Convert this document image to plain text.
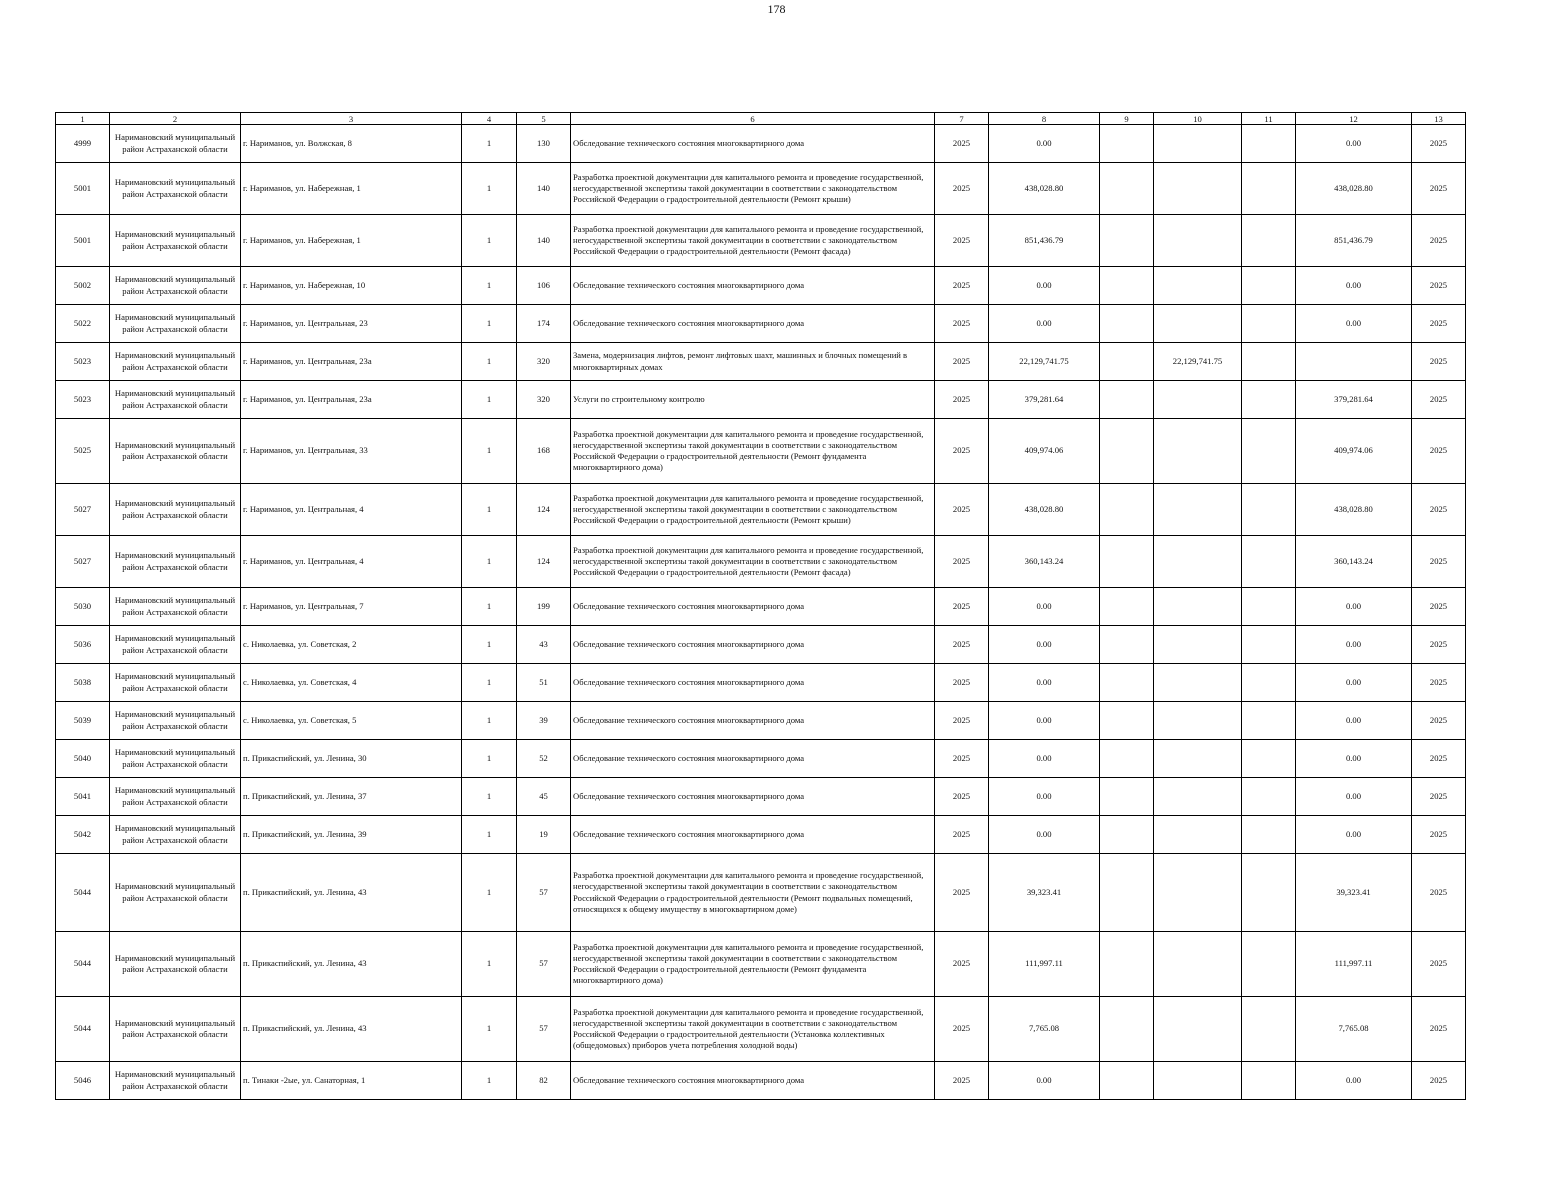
178
1	2	3	4	5	6	7	8	9	10	11	12	13
4999	Наримановский муниципальный район Астраханской области	г. Нариманов, ул. Волжская, 8	1	130	Обследование технического состояния многоквартирного дома	2025	0.00				0.00	2025
5001	Наримановский муниципальный район Астраханской области	г. Нариманов, ул. Набережная, 1	1	140	Разработка проектной документации для капитального ремонта и проведение государственной, негосударственной экспертизы такой документации в соответствии с законодательством Российской Федерации о градостроительной деятельности (Ремонт крыши)	2025	438,028.80				438,028.80	2025
5001	Наримановский муниципальный район Астраханской области	г. Нариманов, ул. Набережная, 1	1	140	Разработка проектной документации для капитального ремонта и проведение государственной, негосударственной экспертизы такой документации в соответствии с законодательством Российской Федерации о градостроительной деятельности (Ремонт фасада)	2025	851,436.79				851,436.79	2025
5002	Наримановский муниципальный район Астраханской области	г. Нариманов, ул. Набережная, 10	1	106	Обследование технического состояния многоквартирного дома	2025	0.00				0.00	2025
5022	Наримановский муниципальный район Астраханской области	г. Нариманов, ул. Центральная, 23	1	174	Обследование технического состояния многоквартирного дома	2025	0.00				0.00	2025
5023	Наримановский муниципальный район Астраханской области	г. Нариманов, ул. Центральная, 23а	1	320	Замена, модернизация лифтов, ремонт лифтовых шахт, машинных и блочных помещений в многоквартирных домах	2025	22,129,741.75		22,129,741.75			2025
5023	Наримановский муниципальный район Астраханской области	г. Нариманов, ул. Центральная, 23а	1	320	Услуги по строительному контролю	2025	379,281.64				379,281.64	2025
5025	Наримановский муниципальный район Астраханской области	г. Нариманов, ул. Центральная, 33	1	168	Разработка проектной документации для капитального ремонта и проведение государственной, негосударственной экспертизы такой документации в соответствии с законодательством Российской Федерации о градостроительной деятельности (Ремонт фундамента многоквартирного дома)	2025	409,974.06				409,974.06	2025
5027	Наримановский муниципальный район Астраханской области	г. Нариманов, ул. Центральная, 4	1	124	Разработка проектной документации для капитального ремонта и проведение государственной, негосударственной экспертизы такой документации в соответствии с законодательством Российской Федерации о градостроительной деятельности (Ремонт крыши)	2025	438,028.80				438,028.80	2025
5027	Наримановский муниципальный район Астраханской области	г. Нариманов, ул. Центральная, 4	1	124	Разработка проектной документации для капитального ремонта и проведение государственной, негосударственной экспертизы такой документации в соответствии с законодательством Российской Федерации о градостроительной деятельности (Ремонт фасада)	2025	360,143.24				360,143.24	2025
5030	Наримановский муниципальный район Астраханской области	г. Нариманов, ул. Центральная, 7	1	199	Обследование технического состояния многоквартирного дома	2025	0.00				0.00	2025
5036	Наримановский муниципальный район Астраханской области	с. Николаевка, ул. Советская, 2	1	43	Обследование технического состояния многоквартирного дома	2025	0.00				0.00	2025
5038	Наримановский муниципальный район Астраханской области	с. Николаевка, ул. Советская, 4	1	51	Обследование технического состояния многоквартирного дома	2025	0.00				0.00	2025
5039	Наримановский муниципальный район Астраханской области	с. Николаевка, ул. Советская, 5	1	39	Обследование технического состояния многоквартирного дома	2025	0.00				0.00	2025
5040	Наримановский муниципальный район Астраханской области	п. Прикаспийский, ул. Ленина, 30	1	52	Обследование технического состояния многоквартирного дома	2025	0.00				0.00	2025
5041	Наримановский муниципальный район Астраханской области	п. Прикаспийский, ул. Ленина, 37	1	45	Обследование технического состояния многоквартирного дома	2025	0.00				0.00	2025
5042	Наримановский муниципальный район Астраханской области	п. Прикаспийский, ул. Ленина, 39	1	19	Обследование технического состояния многоквартирного дома	2025	0.00				0.00	2025
5044	Наримановский муниципальный район Астраханской области	п. Прикаспийский, ул. Ленина, 43	1	57	Разработка проектной документации для капитального ремонта и проведение государственной, негосударственной экспертизы такой документации в соответствии с законодательством Российской Федерации о градостроительной деятельности (Ремонт подвальных помещений, относящихся к общему имуществу в многоквартирном доме)	2025	39,323.41				39,323.41	2025
5044	Наримановский муниципальный район Астраханской области	п. Прикаспийский, ул. Ленина, 43	1	57	Разработка проектной документации для капитального ремонта и проведение государственной, негосударственной экспертизы такой документации в соответствии с законодательством Российской Федерации о градостроительной деятельности (Ремонт фундамента многоквартирного дома)	2025	111,997.11				111,997.11	2025
5044	Наримановский муниципальный район Астраханской области	п. Прикаспийский, ул. Ленина, 43	1	57	Разработка проектной документации для капитального ремонта и проведение государственной, негосударственной экспертизы такой документации в соответствии с законодательством Российской Федерации о градостроительной деятельности (Установка коллективных (общедомовых) приборов учета потребления холодной воды)	2025	7,765.08				7,765.08	2025
5046	Наримановский муниципальный район Астраханской области	п. Тинаки -2ые, ул. Санаторная, 1	1	82	Обследование технического состояния многоквартирного дома	2025	0.00				0.00	2025
